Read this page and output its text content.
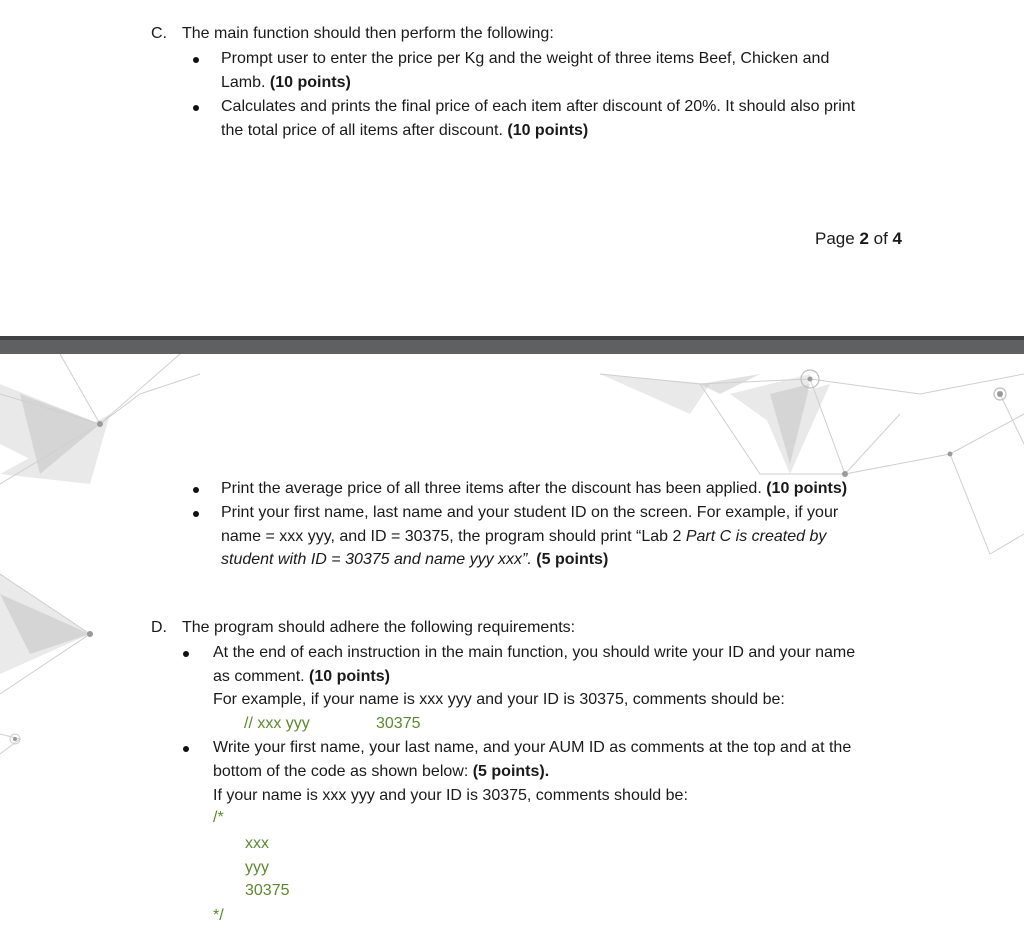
C. The main function should then perform the following:
Prompt user to enter the price per Kg and the weight of three items Beef, Chicken and
Lamb. (10 points)
Calculates and prints the final price of each item after discount of 20%. It should also print
the total price of all items after discount. (10 points)
Page 2 of 4
Print the average price of all three items after the discount has been applied. (10 points)
Print your first name, last name and your student ID on the screen. For example, if your
name = xxx yyy, and ID = 30375, the program should print “Lab 2 Part C is created by
student with ID = 30375 and name yyy xxx”. (5 points)
D. The program should adhere the following requirements:
At the end of each instruction in the main function, you should write your ID and your name
as comment. (10 points)
For example, if your name is xxx yyy and your ID is 30375, comments should be:
// xxx yyy	30375
Write your first name, your last name, and your AUM ID as comments at the top and at the
bottom of the code as shown below: (5 points).
If your name is xxx yyy and your ID is 30375, comments should be:
/*
xxx
yyy
30375
*/
